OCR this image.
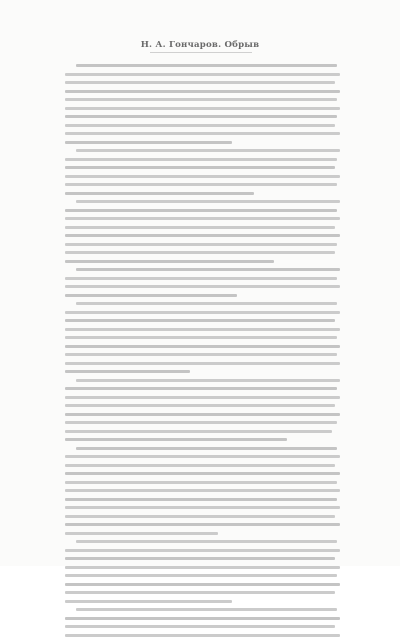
Н. А. Гончаров. Обрыв
